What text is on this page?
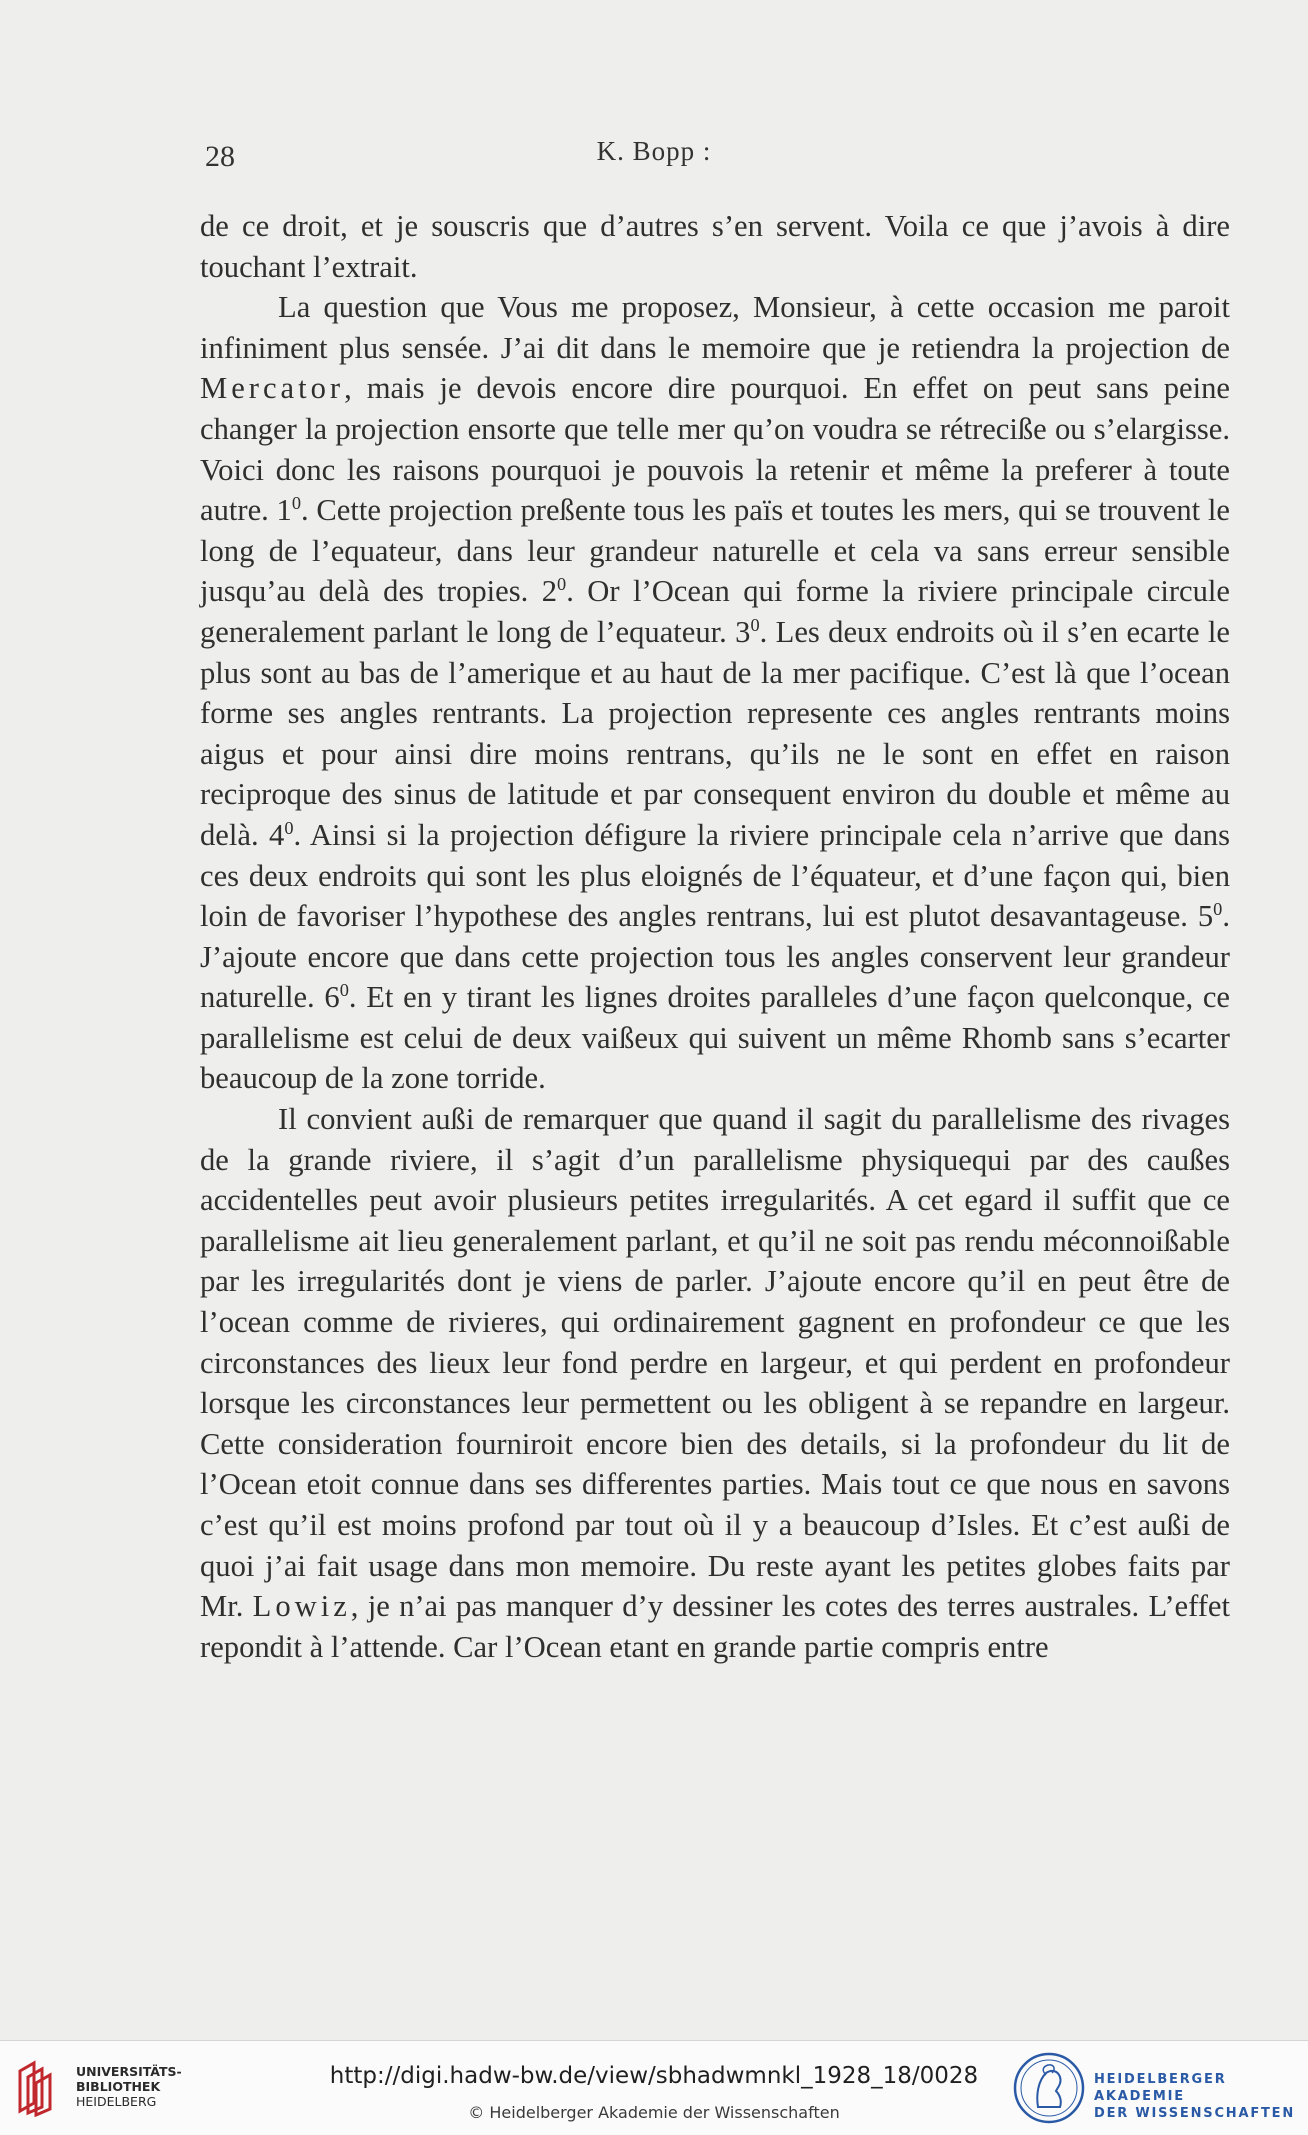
28	K. Bopp :

de ce droit, et je souscris que d’autres s’en servent. Voila ce que j’avois à dire touchant l’extrait.

La question que Vous me proposez, Monsieur, à cette occasion me paroit infiniment plus sensée. J’ai dit dans le memoire que je retiendra la projection de Mercator, mais je devois encore dire pourquoi. En effet on peut sans peine changer la projection ensorte que telle mer qu’on voudra se rétreciße ou s’elargisse. Voici donc les raisons pourquoi je pouvois la retenir et même la preferer à toute autre. $1^0$. Cette projection preßente tous les païs et toutes les mers, qui se trouvent le long de l’equateur, dans leur grandeur naturelle et cela va sans erreur sensible jusqu’au delà des tropies. $2^0$. Or l’Ocean qui forme la riviere principale circule generalement parlant le long de l’equateur. $3^0$. Les deux endroits où il s’en ecarte le plus sont au bas de l’amerique et au haut de la mer pacifique. C’est là que l’ocean forme ses angles rentrants. La projection represente ces angles rentrants moins aigus et pour ainsi dire moins rentrans, qu’ils ne le sont en effet en raison reciproque des sinus de latitude et par consequent environ du double et même au delà. $4^0$. Ainsi si la projection défigure la riviere principale cela n’arrive que dans ces deux endroits qui sont les plus eloignés de l’équateur, et d’une façon qui, bien loin de favoriser l’hypothese des angles rentrans, lui est plutot desavantageuse. $5^0$. J’ajoute encore que dans cette projection tous les angles conservent leur grandeur naturelle. $6^0$. Et en y tirant les lignes droites paralleles d’une façon quelconque, ce parallelisme est celui de deux vaißeux qui suivent un même Rhomb sans s’ecarter beaucoup de la zone torride.

Il convient außi de remarquer que quand il sagit du parallelisme des rivages de la grande riviere, il s’agit d’un parallelisme physiquequi par des caußes accidentelles peut avoir plusieurs petites irregularités. A cet egard il suffit que ce parallelisme ait lieu generalement parlant, et qu’il ne soit pas rendu méconnoißable par les irregularités dont je viens de parler. J’ajoute encore qu’il en peut être de l’ocean comme de rivieres, qui ordinairement gagnent en profondeur ce que les circonstances des lieux leur fond perdre en largeur, et qui perdent en profondeur lorsque les circonstances leur permettent ou les obligent à se repandre en largeur. Cette consideration fourniroit encore bien des details, si la profondeur du lit de l’Ocean etoit connue dans ses differentes parties. Mais tout ce que nous en savons c’est qu’il est moins profond par tout où il y a beaucoup d’Isles. Et c’est außi de quoi j’ai fait usage dans mon memoire. Du reste ayant les petites globes faits par Mr. Lowiz, je n’ai pas manquer d’y dessiner les cotes des terres australes. L’effet repondit à l’attende. Car l’Ocean etant en grande partie compris entre

UNIVERSITÄTS-
BIBLIOTHEK
HEIDELBERG
http://digi.hadw-bw.de/view/sbhadwmnkl_1928_18/0028
© Heidelberger Akademie der Wissenschaften
HEIDELBERGER AKADEMIE
DER WISSENSCHAFTEN
